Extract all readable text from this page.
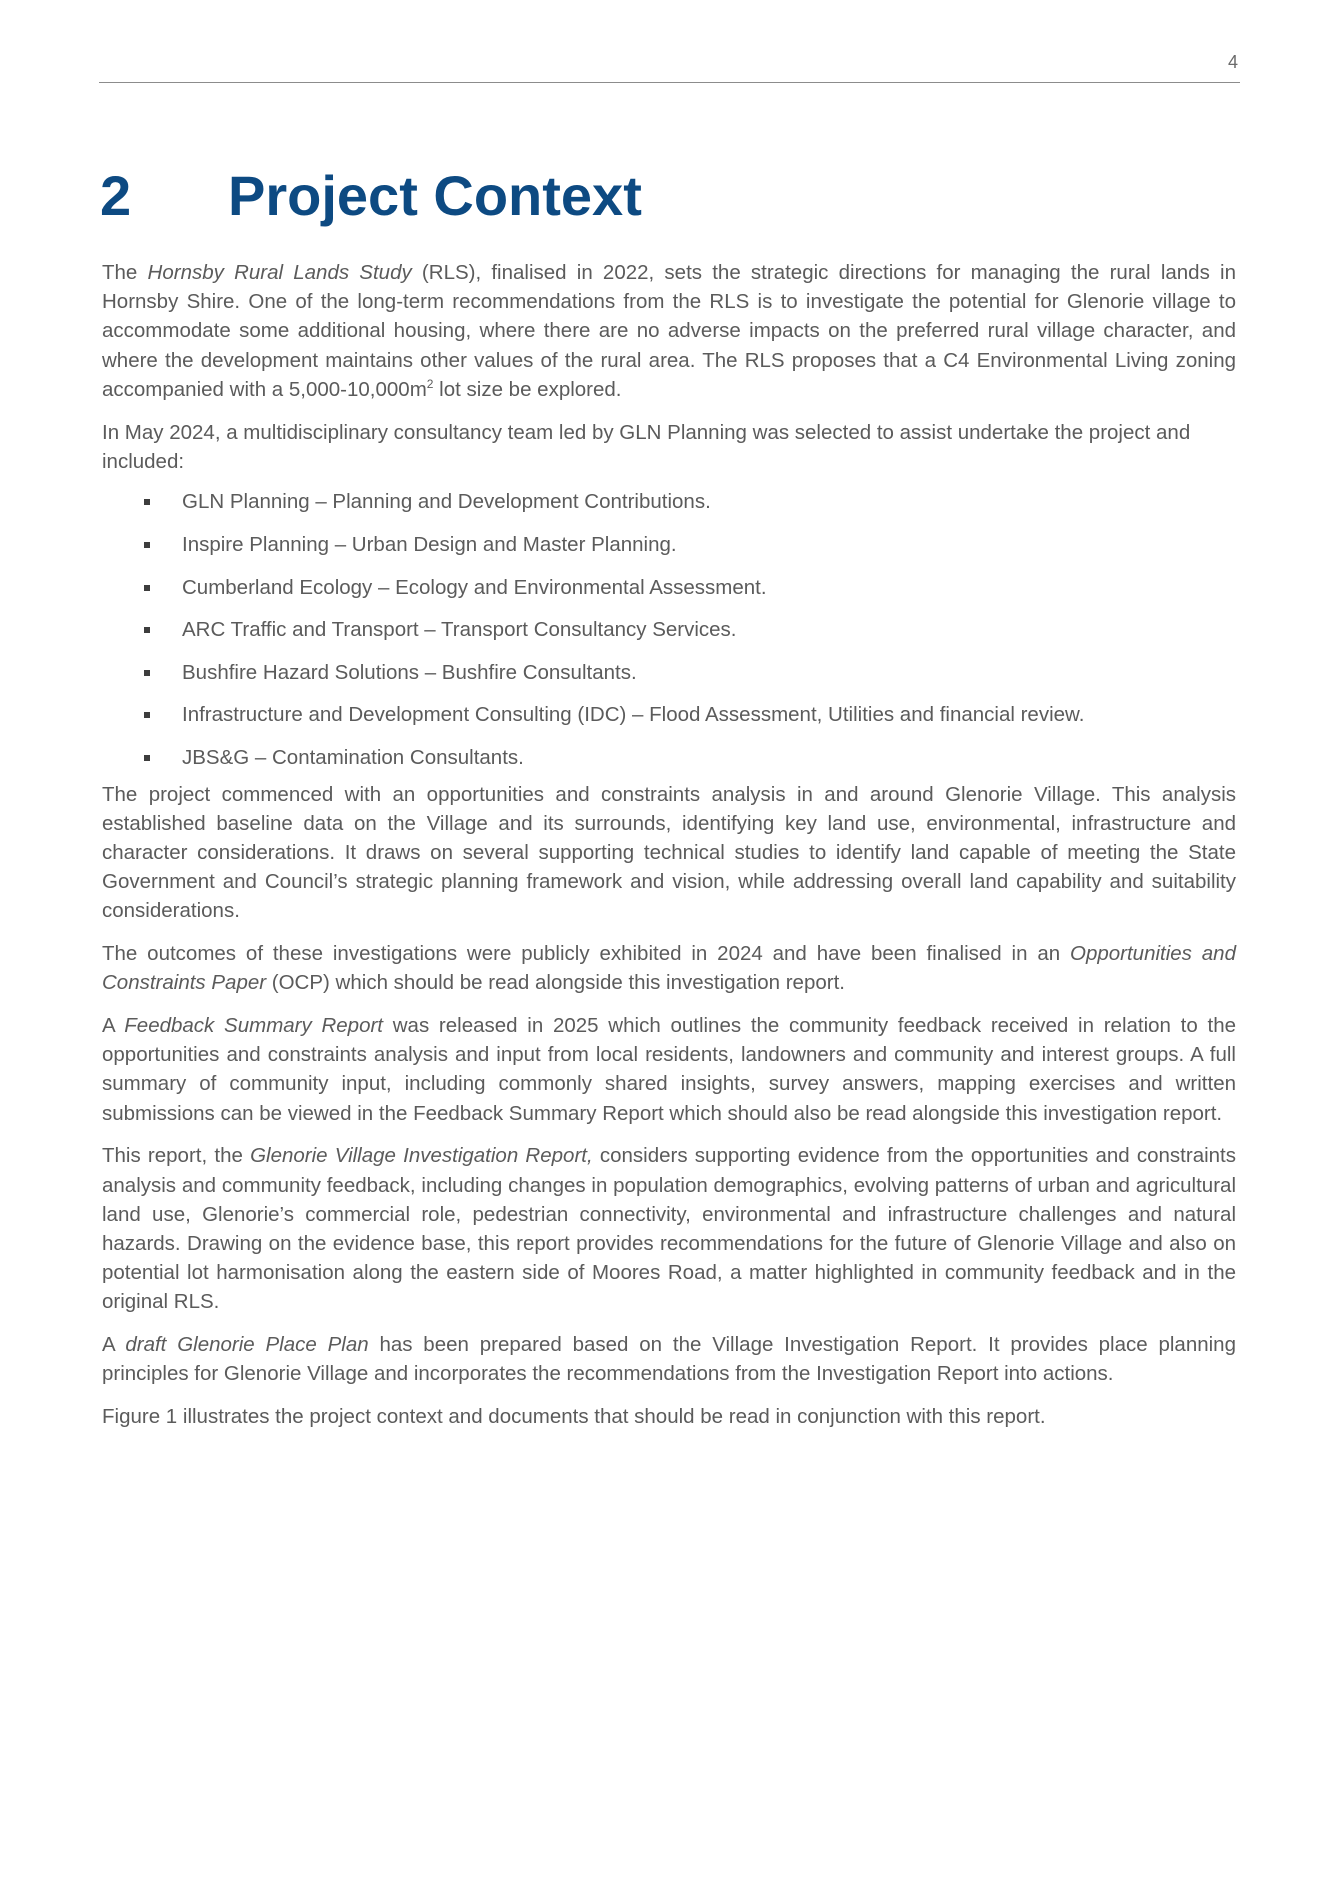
4
2 Project Context

The Hornsby Rural Lands Study (RLS), finalised in 2022, sets the strategic directions for managing the rural lands in Hornsby Shire. One of the long-term recommendations from the RLS is to investigate the potential for Glenorie village to accommodate some additional housing, where there are no adverse impacts on the preferred rural village character, and where the development maintains other values of the rural area. The RLS proposes that a C4 Environmental Living zoning accompanied with a $5,000-10,000m^2$ lot size be explored.

In May 2024, a multidisciplinary consultancy team led by GLN Planning was selected to assist undertake the project and included:

GLN Planning – Planning and Development Contributions.
Inspire Planning – Urban Design and Master Planning.
Cumberland Ecology – Ecology and Environmental Assessment.
ARC Traffic and Transport – Transport Consultancy Services.
Bushfire Hazard Solutions – Bushfire Consultants.
Infrastructure and Development Consulting (IDC) – Flood Assessment, Utilities and financial review.
JBS&G – Contamination Consultants.

The project commenced with an opportunities and constraints analysis in and around Glenorie Village. This analysis established baseline data on the Village and its surrounds, identifying key land use, environmental, infrastructure and character considerations. It draws on several supporting technical studies to identify land capable of meeting the State Government and Council’s strategic planning framework and vision, while addressing overall land capability and suitability considerations.

The outcomes of these investigations were publicly exhibited in 2024 and have been finalised in an Opportunities and Constraints Paper (OCP) which should be read alongside this investigation report.

A Feedback Summary Report was released in 2025 which outlines the community feedback received in relation to the opportunities and constraints analysis and input from local residents, landowners and community and interest groups. A full summary of community input, including commonly shared insights, survey answers, mapping exercises and written submissions can be viewed in the Feedback Summary Report which should also be read alongside this investigation report.

This report, the Glenorie Village Investigation Report, considers supporting evidence from the opportunities and constraints analysis and community feedback, including changes in population demographics, evolving patterns of urban and agricultural land use, Glenorie’s commercial role, pedestrian connectivity, environmental and infrastructure challenges and natural hazards. Drawing on the evidence base, this report provides recommendations for the future of Glenorie Village and also on potential lot harmonisation along the eastern side of Moores Road, a matter highlighted in community feedback and in the original RLS.

A draft Glenorie Place Plan has been prepared based on the Village Investigation Report. It provides place planning principles for Glenorie Village and incorporates the recommendations from the Investigation Report into actions.

Figure 1 illustrates the project context and documents that should be read in conjunction with this report.
